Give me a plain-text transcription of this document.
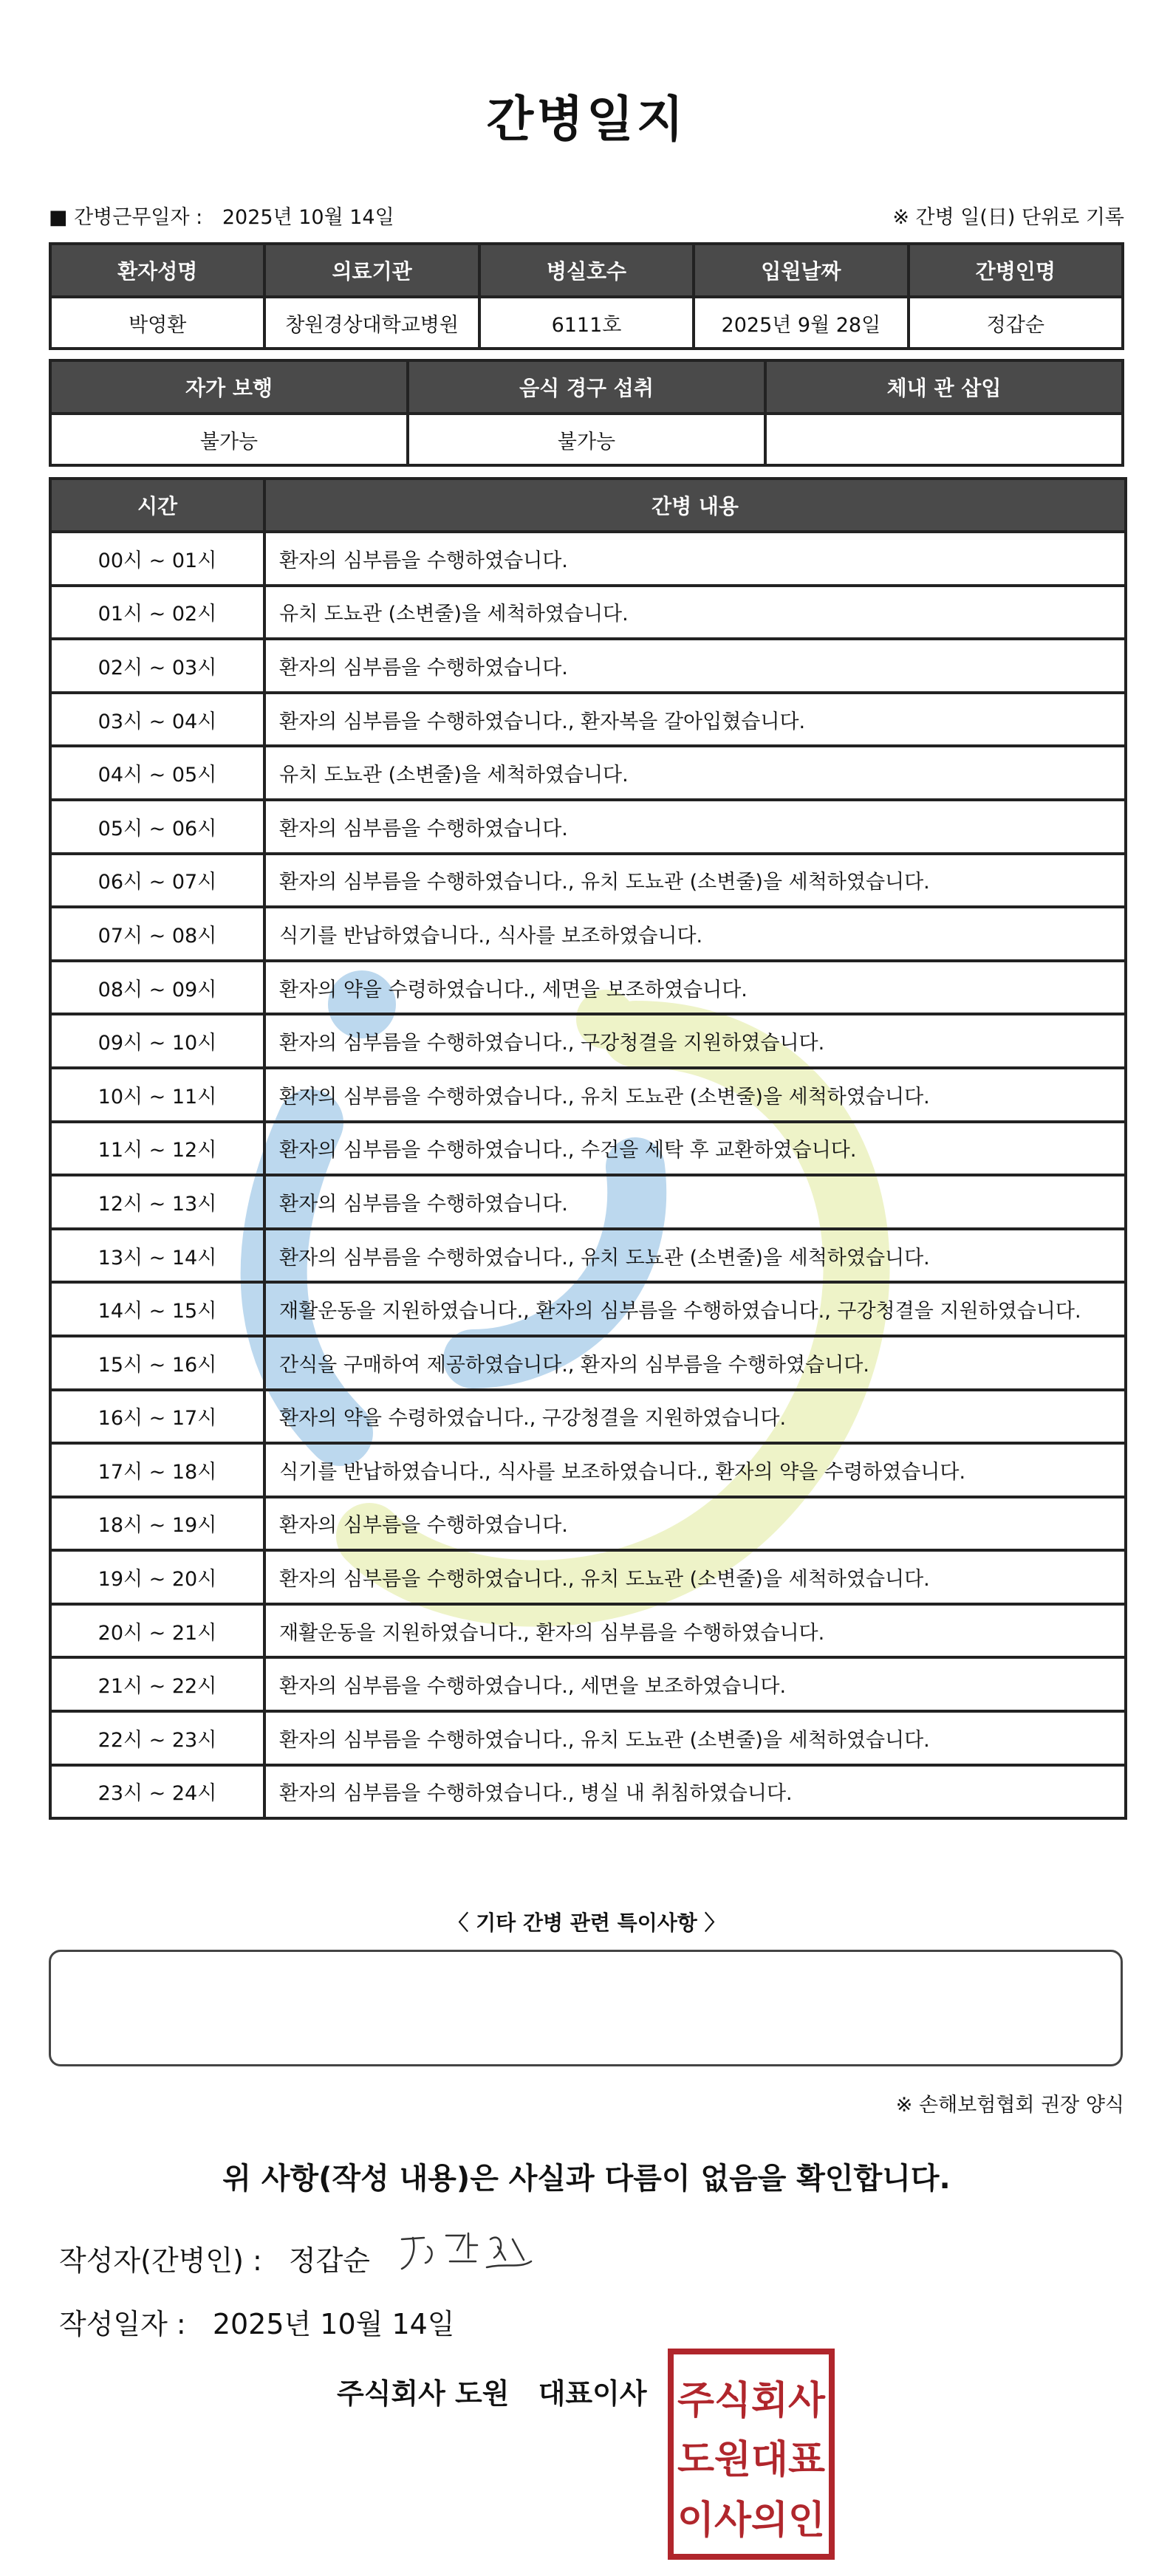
간병일지
■ 간병근무일자 : 2025년 10월 14일	※ 간병 일(日) 단위로 기록
환자성명	의료기관	병실호수	입원날짜	간병인명
박영환	창원경상대학교병원	6111호	2025년 9월 28일	정갑순
자가 보행	음식 경구 섭취	체내 관 삽입
불가능	불가능	
시간	간병 내용
00시 ~ 01시	환자의 심부름을 수행하였습니다.
01시 ~ 02시	유치 도뇨관 (소변줄)을 세척하였습니다.
02시 ~ 03시	환자의 심부름을 수행하였습니다.
03시 ~ 04시	환자의 심부름을 수행하였습니다., 환자복을 갈아입혔습니다.
04시 ~ 05시	유치 도뇨관 (소변줄)을 세척하였습니다.
05시 ~ 06시	환자의 심부름을 수행하였습니다.
06시 ~ 07시	환자의 심부름을 수행하였습니다., 유치 도뇨관 (소변줄)을 세척하였습니다.
07시 ~ 08시	식기를 반납하였습니다., 식사를 보조하였습니다.
08시 ~ 09시	환자의 약을 수령하였습니다., 세면을 보조하였습니다.
09시 ~ 10시	환자의 심부름을 수행하였습니다., 구강청결을 지원하였습니다.
10시 ~ 11시	환자의 심부름을 수행하였습니다., 유치 도뇨관 (소변줄)을 세척하였습니다.
11시 ~ 12시	환자의 심부름을 수행하였습니다., 수건을 세탁 후 교환하였습니다.
12시 ~ 13시	환자의 심부름을 수행하였습니다.
13시 ~ 14시	환자의 심부름을 수행하였습니다., 유치 도뇨관 (소변줄)을 세척하였습니다.
14시 ~ 15시	재활운동을 지원하였습니다., 환자의 심부름을 수행하였습니다., 구강청결을 지원하였습니다.
15시 ~ 16시	간식을 구매하여 제공하였습니다., 환자의 심부름을 수행하였습니다.
16시 ~ 17시	환자의 약을 수령하였습니다., 구강청결을 지원하였습니다.
17시 ~ 18시	식기를 반납하였습니다., 식사를 보조하였습니다., 환자의 약을 수령하였습니다.
18시 ~ 19시	환자의 심부름을 수행하였습니다.
19시 ~ 20시	환자의 심부름을 수행하였습니다., 유치 도뇨관 (소변줄)을 세척하였습니다.
20시 ~ 21시	재활운동을 지원하였습니다., 환자의 심부름을 수행하였습니다.
21시 ~ 22시	환자의 심부름을 수행하였습니다., 세면을 보조하였습니다.
22시 ~ 23시	환자의 심부름을 수행하였습니다., 유치 도뇨관 (소변줄)을 세척하였습니다.
23시 ~ 24시	환자의 심부름을 수행하였습니다., 병실 내 취침하였습니다.
〈 기타 간병 관련 특이사항 〉
※ 손해보험협회 권장 양식
위 사항(작성 내용)은 사실과 다름이 없음을 확인합니다.
작성자(간병인) : 정갑순
작성일자 : 2025년 10월 14일
주식회사 도원 대표이사 주식회사
도원대표
이사의인
